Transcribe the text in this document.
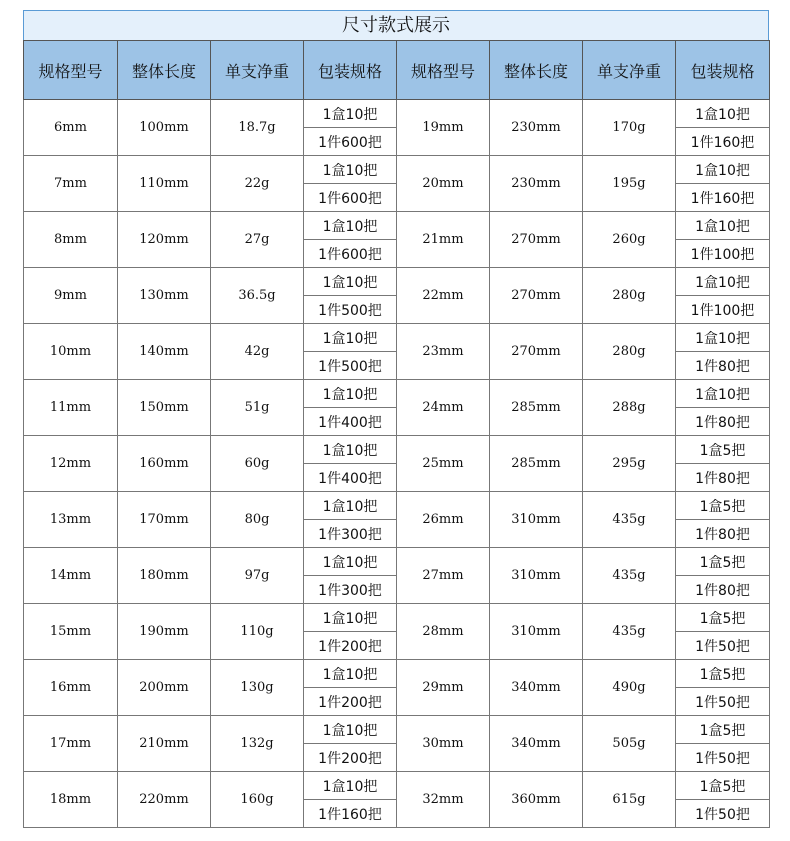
尺寸款式展示
规格型号	整体长度	单支净重	包装规格	规格型号	整体长度	单支净重	包装规格
6mm	100mm	18.7g	1盒10把	19mm	230mm	170g	1盒10把
			1件600把				1件160把
7mm	110mm	22g	1盒10把	20mm	230mm	195g	1盒10把
			1件600把				1件160把
8mm	120mm	27g	1盒10把	21mm	270mm	260g	1盒10把
			1件600把				1件100把
9mm	130mm	36.5g	1盒10把	22mm	270mm	280g	1盒10把
			1件500把				1件100把
10mm	140mm	42g	1盒10把	23mm	270mm	280g	1盒10把
			1件500把				1件80把
11mm	150mm	51g	1盒10把	24mm	285mm	288g	1盒10把
			1件400把				1件80把
12mm	160mm	60g	1盒10把	25mm	285mm	295g	1盒5把
			1件400把				1件80把
13mm	170mm	80g	1盒10把	26mm	310mm	435g	1盒5把
			1件300把				1件80把
14mm	180mm	97g	1盒10把	27mm	310mm	435g	1盒5把
			1件300把				1件80把
15mm	190mm	110g	1盒10把	28mm	310mm	435g	1盒5把
			1件200把				1件50把
16mm	200mm	130g	1盒10把	29mm	340mm	490g	1盒5把
			1件200把				1件50把
17mm	210mm	132g	1盒10把	30mm	340mm	505g	1盒5把
			1件200把				1件50把
18mm	220mm	160g	1盒10把	32mm	360mm	615g	1盒5把
			1件160把				1件50把
